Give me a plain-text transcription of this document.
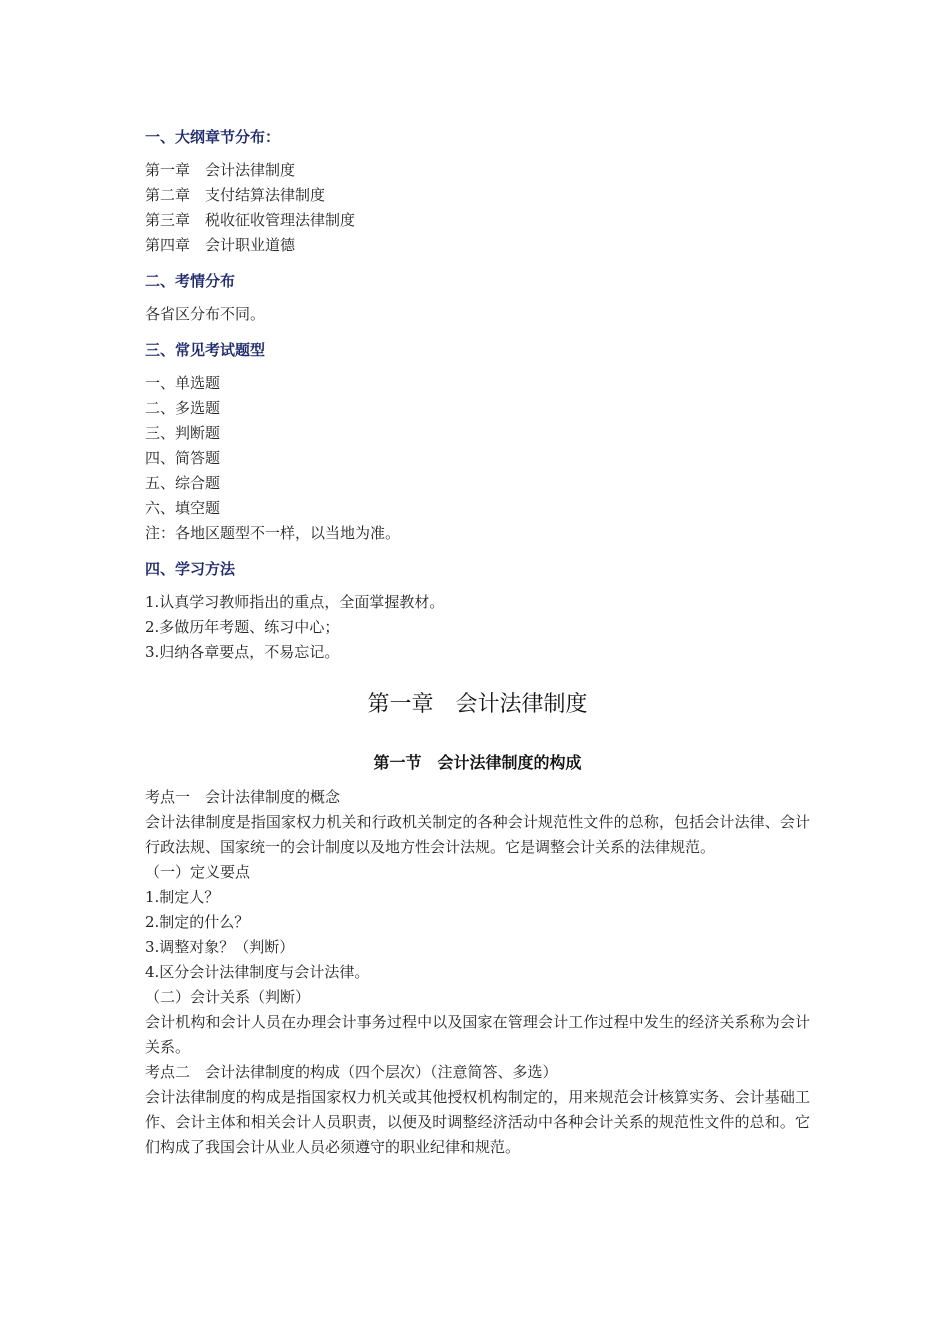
一、大纲章节分布：

第一章　会计法律制度

第二章　支付结算法律制度

第三章　税收征收管理法律制度

第四章　会计职业道德

二、考情分布

各省区分布不同。

三、常见考试题型

一、单选题

二、多选题

三、判断题

四、简答题

五、综合题

六、填空题

注：各地区题型不一样，以当地为准。

四、学习方法

1.认真学习教师指出的重点，全面掌握教材。

2.多做历年考题、练习中心；

3.归纳各章要点，不易忘记。

第一章　会计法律制度

第一节　会计法律制度的构成

考点一　会计法律制度的概念

会计法律制度是指国家权力机关和行政机关制定的各种会计规范性文件的总称，包括会计法律、会计行政法规、国家统一的会计制度以及地方性会计法规。它是调整会计关系的法律规范。

（一）定义要点

1.制定人？

2.制定的什么？

3.调整对象？（判断）

4.区分会计法律制度与会计法律。

（二）会计关系（判断）

会计机构和会计人员在办理会计事务过程中以及国家在管理会计工作过程中发生的经济关系称为会计关系。

考点二　会计法律制度的构成（四个层次）（注意简答、多选）

会计法律制度的构成是指国家权力机关或其他授权机构制定的，用来规范会计核算实务、会计基础工作、会计主体和相关会计人员职责，以便及时调整经济活动中各种会计关系的规范性文件的总和。它们构成了我国会计从业人员必须遵守的职业纪律和规范。
